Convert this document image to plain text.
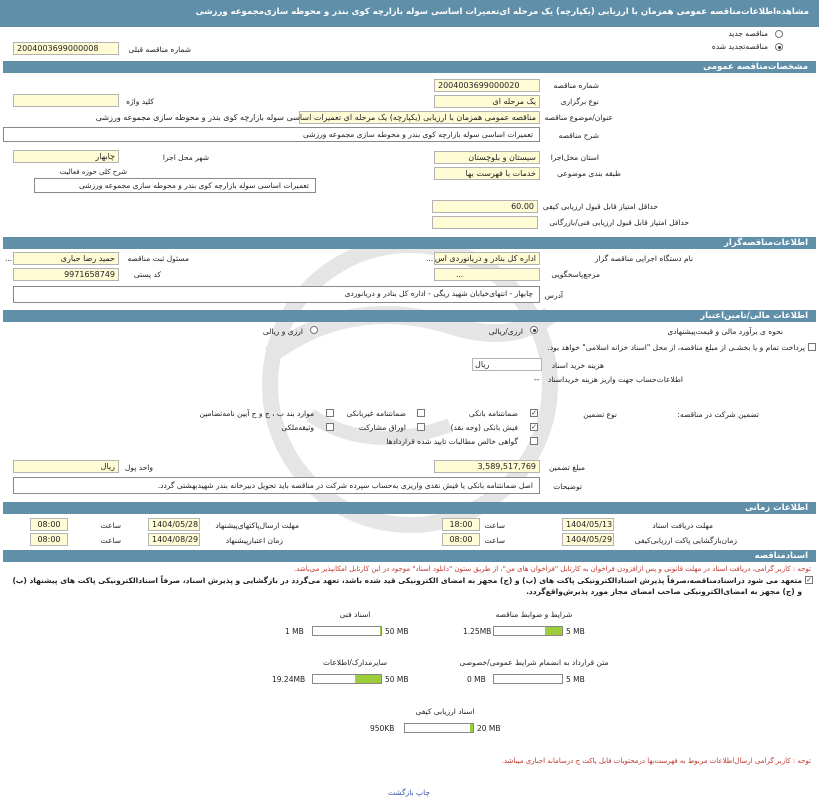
مشاهده‌اطلاعات‌مناقصه عمومی همزمان با ارزیابی (یکپارچه) یک مرحله ای‌تعمیرات اساسی سوله بازارچه کوی بندر و محوطه سازی‌مجموعه ورزشی
مناقصه جدید
مناقصه‌تجدید شده
شماره مناقصه قبلی
2004003699000008
مشخصات‌مناقصه عمومی
2004003699000020	شماره مناقصه
یک مرحله ای	نوع برگزاری
کلید واژه
مناقصه عمومی همزمان با ارزیابی (یکپارچه) یک مرحله ای تعمیرات اساسی سوله بازارچه کوی بندر و محوطه سازی مجموعه ورزشی	عنوان/موضوع مناقصه
تعمیرات اساسی سوله بازارچه کوی بندر و محوطه سازی مجموعه ورزشی	شرح مناقصه
سیستان و بلوچستان	استان محل‌اجرا
چابهار	شهر محل اجرا
خدمات با فهرست بها	طبقه بندی موضوعی
شرح کلی حوزه فعالیت
تعمیرات اساسی سوله بازارچه کوی بندر و محوطه سازی مجموعه ورزشی
60.00	حداقل امتیاز قابل قبول ارزیابی کیفی
حداقل امتیاز قابل قبول ارزیابی فنی/بازرگانی
اطلاعات‌مناقصه‌گزار
اداره کل بنادر و دریانوردی اس
...	نام دستگاه اجرایی مناقصه گزار
حمید رضا جباری
...	مسئول ثبت مناقصه
...	مرجع‌پاسخگویی
9971658749	کد پستی
چابهار - انتهای‌خیابان شهید ریگی - اداره کل بنادر و دریانوردی	آدرس
اطلاعات مالی/تامین‌اعتبار
نحوه ی برآورد مالی و قیمت‌پیشنهادی
ارزی/ریالی
ارزی و ریالی
پرداخت تمام و یا بخشـی از مبلغ مناقصه، از محل "اسناد خزانه اسلامی" خواهد بود.
ریال	هزینه خرید اسناد
-- اطلاعات‌حساب جهت واریز هزینه خریداسناد
تضمین شرکت در مناقصه:
نوع تضمین
✓
ضمانتنامه بانکی
ضمانتنامه غیربانکی
موارد بند ب ، ج و ج آیین نامه‌تضامین
✓
فیش بانکی (وجه نقد)
اوراق مشارکت
وثیقه‌ملکی
گواهی خالص مطالبات تایید شده قراردادها
3,589,517,769	مبلغ تضمین
ریال	واحد پول
اصل ضمانتنامه بانکی یا فیش نقدی واریزی به‌حساب سپرده شرکت در مناقصه باید تحویل دبیرخانه بندر شهیدبهشتی گردد.	توضیحات
اطلاعات زمانی
مهلت دریافت اسناد
1404/05/13
ساعت
18:00
مهلت ارسال‌پاکتهای‌پیشنهاد
1404/05/28
ساعت
08:00
زمان‌بازگشایی پاکت ارزیابی‌کیفی
1404/05/29
ساعت
08:00
زمان اعتبارپیشنهاد
1404/08/29
ساعت
08:00
اسنادمناقصه
توجه : کاربر گرامی، دریافت اسناد در مهلت قانونی و پس ازافزودن فراخوان به کارتابل "فراخوان های من"، از طریق ستون "دانلود اسناد" موجود در این کارتابل امکانپذیر می‌باشد.
✓
متعهد می شود دراسنادمناقصه،صرفاً پذیرش اسنادالکترونیکی پاکت های (ب) و (ج) مجهز به امضای الکترونیکی قید شده باشد، تعهد می‌گردد در بازگشایی و پذیرش اسناد، صرفاً اسنادالکترونیکی پاکت های پیشنهاد (ب) و (ج) مجهز به امضای‌الکترونیکی صاحب امضای مجاز مورد پذیرش‌واقع‌گردد.
شرایط و ضوابط مناقصه
1.25MB	5 MB
اسناد فنی
1 MB	50 MB
متن قرارداد به انضمام شرایط عمومی/خصوصی
0 MB	5 MB
سایرمدارک/اطلاعات
19.24MB	50 MB
اسناد ارزیابی کیفی
950KB	20 MB
توجه : کاربر گرامی ارسال‌اطلاعات مربوط به فهرست‌بها درمحتویات فایل پاکت ج درسامانه اجباری میباشد.
چاپ بازگشت
